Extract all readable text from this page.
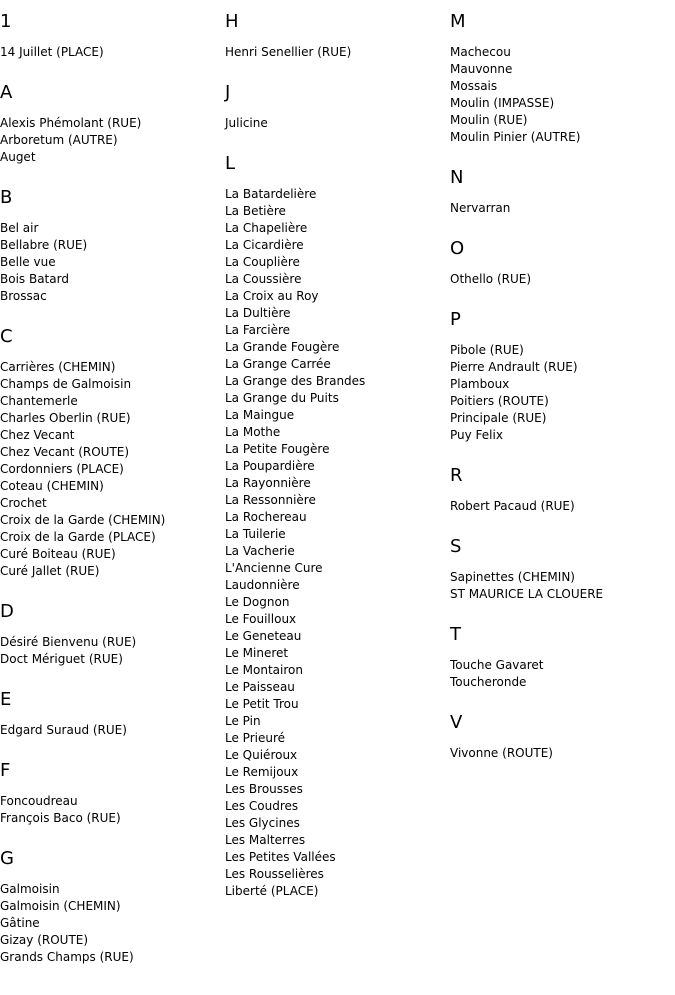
1
14 Juillet (PLACE)
A
Alexis Phémolant (RUE)
Arboretum (AUTRE)
Auget
B
Bel air
Bellabre (RUE)
Belle vue
Bois Batard
Brossac
C
Carrières (CHEMIN)
Champs de Galmoisin
Chantemerle
Charles Oberlin (RUE)
Chez Vecant
Chez Vecant (ROUTE)
Cordonniers (PLACE)
Coteau (CHEMIN)
Crochet
Croix de la Garde (CHEMIN)
Croix de la Garde (PLACE)
Curé Boiteau (RUE)
Curé Jallet (RUE)
D
Désiré Bienvenu (RUE)
Doct Mériguet (RUE)
E
Edgard Suraud (RUE)
F
Foncoudreau
François Baco (RUE)
G
Galmoisin
Galmoisin (CHEMIN)
Gâtine
Gizay (ROUTE)
Grands Champs (RUE)
H
Henri Senellier (RUE)
J
Julicine
L
La Batardelière
La Betière
La Chapelière
La Cicardière
La Couplière
La Coussière
La Croix au Roy
La Dultière
La Farcière
La Grande Fougère
La Grange Carrée
La Grange des Brandes
La Grange du Puits
La Maingue
La Mothe
La Petite Fougère
La Poupardière
La Rayonnière
La Ressonnière
La Rochereau
La Tuilerie
La Vacherie
L'Ancienne Cure
Laudonnière
Le Dognon
Le Fouilloux
Le Geneteau
Le Mineret
Le Montairon
Le Paisseau
Le Petit Trou
Le Pin
Le Prieuré
Le Quiéroux
Le Remijoux
Les Brousses
Les Coudres
Les Glycines
Les Malterres
Les Petites Vallées
Les Rousselières
Liberté (PLACE)
M
Machecou
Mauvonne
Mossais
Moulin (IMPASSE)
Moulin (RUE)
Moulin Pinier (AUTRE)
N
Nervarran
O
Othello (RUE)
P
Pibole (RUE)
Pierre Andrault (RUE)
Plamboux
Poitiers (ROUTE)
Principale (RUE)
Puy Felix
R
Robert Pacaud (RUE)
S
Sapinettes (CHEMIN)
ST MAURICE LA CLOUERE
T
Touche Gavaret
Toucheronde
V
Vivonne (ROUTE)
